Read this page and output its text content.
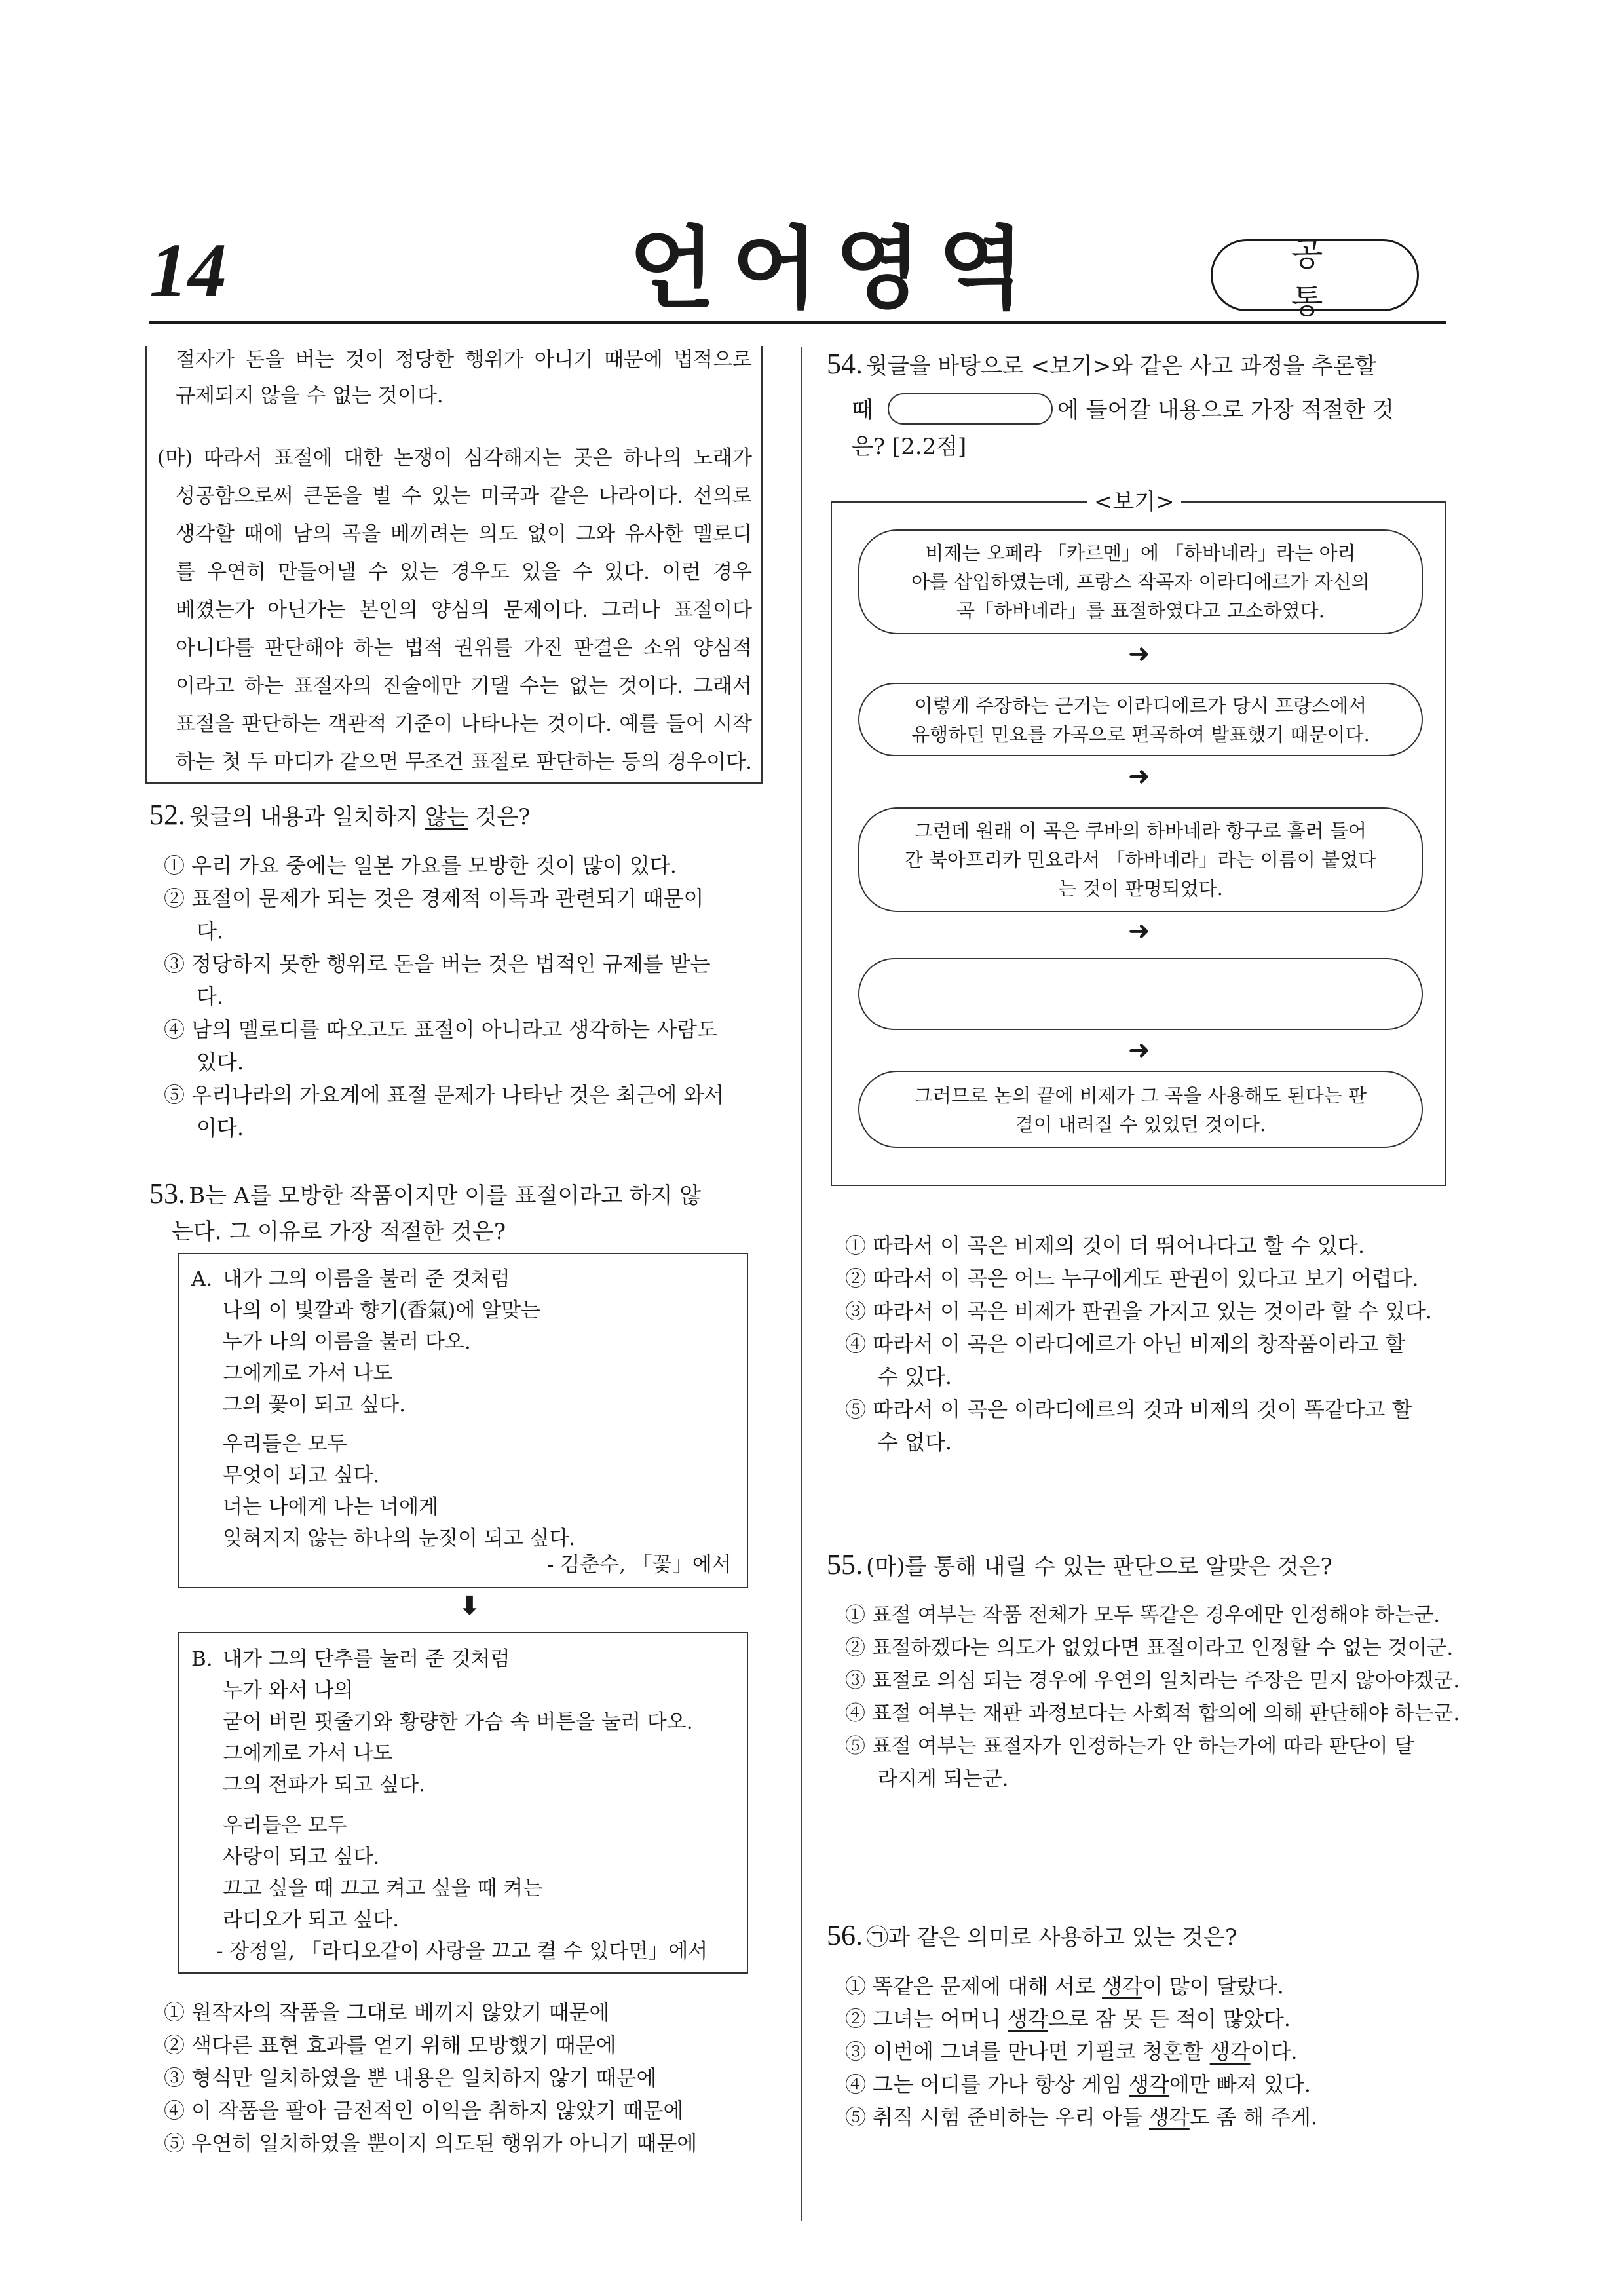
14	언어영역	공 통
절자가 돈을 버는 것이 정당한 행위가 아니기 때문에 법적으로
규제되지 않을 수 없는 것이다.
(마) 따라서 표절에 대한 논쟁이 심각해지는 곳은 하나의 노래가
성공함으로써 큰돈을 벌 수 있는 미국과 같은 나라이다. 선의로
생각할 때에 남의 곡을 베끼려는 의도 없이 그와 유사한 멜로디
를 우연히 만들어낼 수 있는 경우도 있을 수 있다. 이런 경우
베꼈는가 아닌가는 본인의 양심의 문제이다. 그러나 표절이다
아니다를 판단해야 하는 법적 권위를 가진 판결은 소위 양심적
이라고 하는 표절자의 진술에만 기댈 수는 없는 것이다. 그래서
표절을 판단하는 객관적 기준이 나타나는 것이다. 예를 들어 시작
하는 첫 두 마디가 같으면 무조건 표절로 판단하는 등의 경우이다.
52. 윗글의 내용과 일치하지 않는 것은?
① 우리 가요 중에는 일본 가요를 모방한 것이 많이 있다.
② 표절이 문제가 되는 것은 경제적 이득과 관련되기 때문이
다.
③ 정당하지 못한 행위로 돈을 버는 것은 법적인 규제를 받는
다.
④ 남의 멜로디를 따오고도 표절이 아니라고 생각하는 사람도
있다.
⑤ 우리나라의 가요계에 표절 문제가 나타난 것은 최근에 와서
이다.
53. B는 A를 모방한 작품이지만 이를 표절이라고 하지 않
는다. 그 이유로 가장 적절한 것은?
A. 내가 그의 이름을 불러 준 것처럼
나의 이 빛깔과 향기(香氣)에 알맞는
누가 나의 이름을 불러 다오.
그에게로 가서 나도
그의 꽃이 되고 싶다.
우리들은 모두
무엇이 되고 싶다.
너는 나에게 나는 너에게
잊혀지지 않는 하나의 눈짓이 되고 싶다.
- 김춘수, 「꽃」에서
⬇
B. 내가 그의 단추를 눌러 준 것처럼
누가 와서 나의
굳어 버린 핏줄기와 황량한 가슴 속 버튼을 눌러 다오.
그에게로 가서 나도
그의 전파가 되고 싶다.
우리들은 모두
사랑이 되고 싶다.
끄고 싶을 때 끄고 켜고 싶을 때 켜는
라디오가 되고 싶다.
- 장정일, 「라디오같이 사랑을 끄고 켤 수 있다면」에서
① 원작자의 작품을 그대로 베끼지 않았기 때문에
② 색다른 표현 효과를 얻기 위해 모방했기 때문에
③ 형식만 일치하였을 뿐 내용은 일치하지 않기 때문에
④ 이 작품을 팔아 금전적인 이익을 취하지 않았기 때문에
⑤ 우연히 일치하였을 뿐이지 의도된 행위가 아니기 때문에
54. 윗글을 바탕으로 <보기>와 같은 사고 과정을 추론할
때	에 들어갈 내용으로 가장 적절한 것
은? [2.2점]
<보기>
비제는 오페라 「카르멘」에 「하바네라」라는 아리
아를 삽입하였는데, 프랑스 작곡자 이라디에르가 자신의
곡「하바네라」를 표절하였다고 고소하였다.
➜
이렇게 주장하는 근거는 이라디에르가 당시 프랑스에서
유행하던 민요를 가곡으로 편곡하여 발표했기 때문이다.
➜
그런데 원래 이 곡은 쿠바의 하바네라 항구로 흘러 들어
간 북아프리카 민요라서 「하바네라」라는 이름이 붙었다
는 것이 판명되었다.
➜
➜
그러므로 논의 끝에 비제가 그 곡을 사용해도 된다는 판
결이 내려질 수 있었던 것이다.
① 따라서 이 곡은 비제의 것이 더 뛰어나다고 할 수 있다.
② 따라서 이 곡은 어느 누구에게도 판권이 있다고 보기 어렵다.
③ 따라서 이 곡은 비제가 판권을 가지고 있는 것이라 할 수 있다.
④ 따라서 이 곡은 이라디에르가 아닌 비제의 창작품이라고 할
수 있다.
⑤ 따라서 이 곡은 이라디에르의 것과 비제의 것이 똑같다고 할
수 없다.
55. (마)를 통해 내릴 수 있는 판단으로 알맞은 것은?
① 표절 여부는 작품 전체가 모두 똑같은 경우에만 인정해야 하는군.
② 표절하겠다는 의도가 없었다면 표절이라고 인정할 수 없는 것이군.
③ 표절로 의심 되는 경우에 우연의 일치라는 주장은 믿지 않아야겠군.
④ 표절 여부는 재판 과정보다는 사회적 합의에 의해 판단해야 하는군.
⑤ 표절 여부는 표절자가 인정하는가 안 하는가에 따라 판단이 달
라지게 되는군.
56. ㉠과 같은 의미로 사용하고 있는 것은?
① 똑같은 문제에 대해 서로 생각이 많이 달랐다.
② 그녀는 어머니 생각으로 잠 못 든 적이 많았다.
③ 이번에 그녀를 만나면 기필코 청혼할 생각이다.
④ 그는 어디를 가나 항상 게임 생각에만 빠져 있다.
⑤ 취직 시험 준비하는 우리 아들 생각도 좀 해 주게.
